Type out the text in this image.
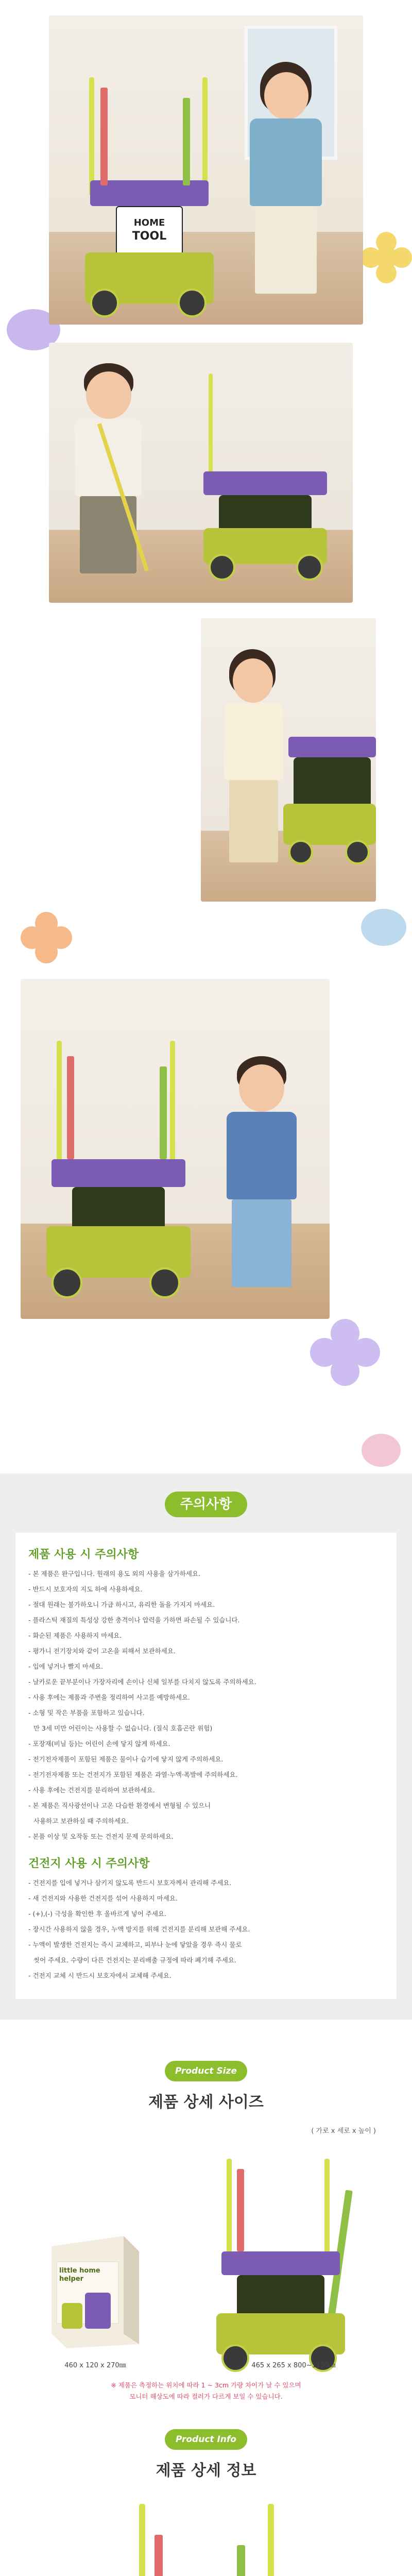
HOME
TOOL
주의사항
제품 사용 시 주의사항
- 본 제품은 완구입니다. 원래의 용도 외의 사용을 삼가하세요.
- 반드시 보호자의 지도 하에 사용하세요.
- 절대 원래는 불가하오니 가급 하시고, 유리한 돌을 가지지 마세요.
- 플라스틱 재질의 특성상 강한 충격이나 압력을 가하면 파손될 수 있습니다.
- 화순된 제품은 사용하지 마세요.
- 평가니 전기장치와 같이 고온을 피해서 보관하세요.
- 입에 넣거나 빨지 마세요.
- 날카로운 끝부분이나 가장자리에 손이나 신체 일부를 다치지 않도록 주의하세요.
- 사용 후에는 제품과 주변을 정리하여 사고를 예방하세요.
- 소형 및 작은 부품을 포함하고 있습니다.
만 3세 미만 어린이는 사용할 수 없습니다. (질식 호흡곤란 위험)
- 포장재(비닐 등)는 어린이 손에 닿지 않게 하세요.
- 전기전자제품이 포함된 제품은 물이나 습기에 닿지 않게 주의하세요.
- 전기전자제품 또는 건전지가 포함된 제품은 과열·누액·폭발에 주의하세요.
- 사용 후에는 건전지를 분리하여 보관하세요.
- 본 제품은 직사광선이나 고온 다습한 환경에서 변형될 수 있으니
사용하고 보관하실 때 주의하세요.
- 본품 이상 및 오작동 또는 건전지 문제 문의하세요.
건전지 사용 시 주의사항
- 건전지를 입에 넣거나 삼키지 않도록 반드시 보호자께서 관리해 주세요.
- 새 건전지와 사용한 건전지를 섞어 사용하지 마세요.
- (+),(-) 극성을 확인한 후 올바르게 넣어 주세요.
- 장시간 사용하지 않을 경우, 누액 방지를 위해 건전지를 분리해 보관해 주세요.
- 누액이 발생한 건전지는 즉시 교체하고, 피부나 눈에 닿았을 경우 즉시 물로
씻어 주세요. 수량이 다른 건전지는 분리배출 규정에 따라 폐기해 주세요.
- 건전지 교체 시 반드시 보호자에서 교체해 주세요.
Product Size
제품 상세 사이즈
( 가로 x 세로 x 높이 )
little home helper
460 x 120 x 270㎜	465 x 265 x 800~1150㎜
※ 제품은 측정하는 위치에 따라 1 ~ 3cm 가량 차이가 날 수 있으며
모니터 해상도에 따라 컬러가 다르게 보일 수 있습니다.
Product Info
제품 상세 정보
